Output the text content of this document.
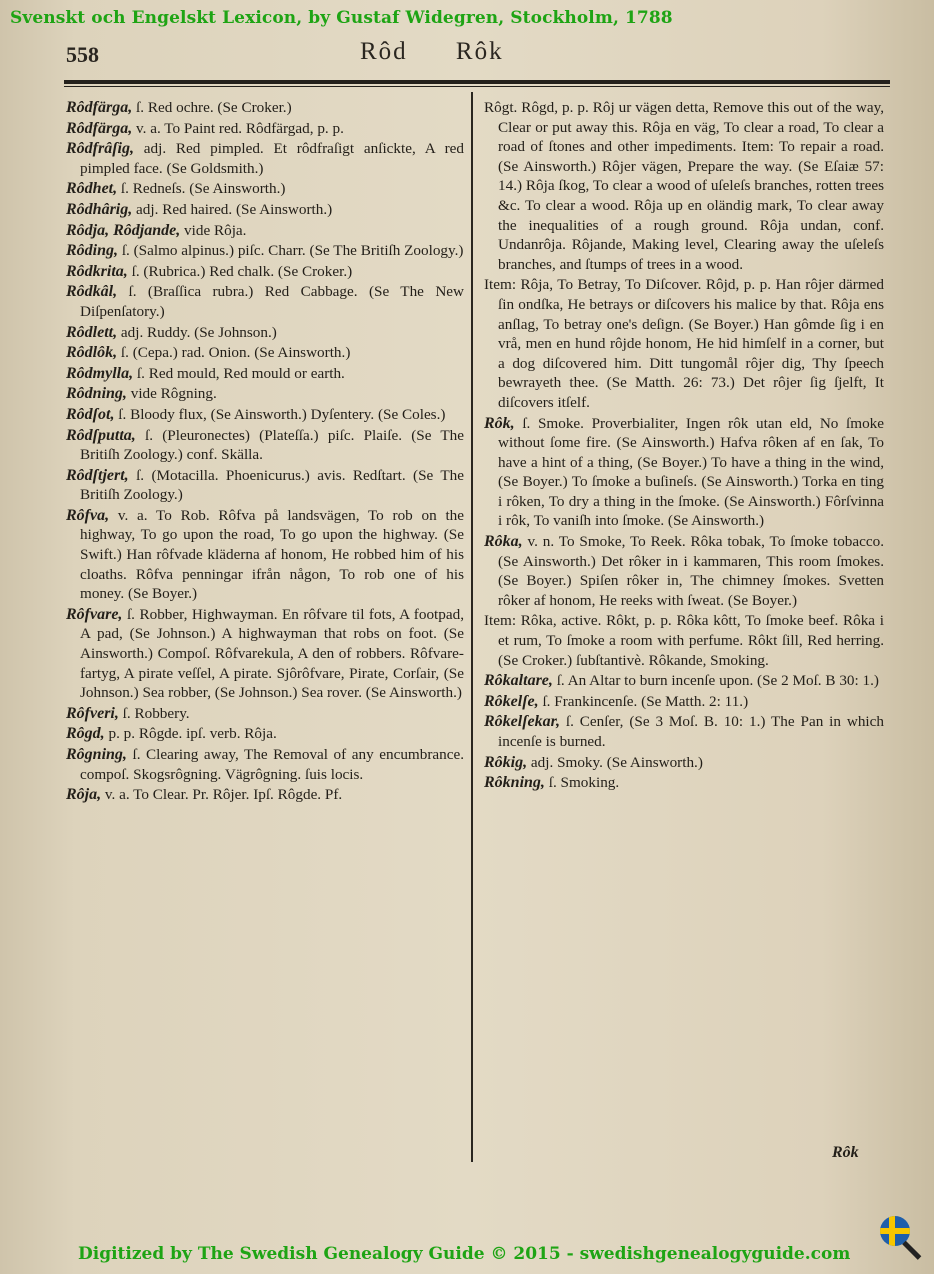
Svenskt och Engelskt Lexicon, by Gustaf Widegren, Stockholm, 1788
558	Rôd Rôk
Rôdfärga, ſ. Red ochre. (Se Croker.)
Rôdfärga, v. a. To Paint red. Rôdfärgad, p. p.
Rôdfrâſig, adj. Red pimpled. Et rôdfraſigt anſickte, A red pimpled face. (Se Goldsmith.)
Rôdhet, ſ. Redneſs. (Se Ainsworth.)
Rôdhârig, adj. Red haired. (Se Ainsworth.)
Rôdja, Rôdjande, vide Rôja.
Rôding, ſ. (Salmo alpinus.) piſc. Charr. (Se The Britiſh Zoology.)
Rôdkrita, ſ. (Rubrica.) Red chalk. (Se Croker.)
Rôdkâl, ſ. (Braſſica rubra.) Red Cabbage. (Se The New Diſpenſatory.)
Rôdlett, adj. Ruddy. (Se Johnson.)
Rôdlôk, ſ. (Cepa.) rad. Onion. (Se Ainsworth.)
Rôdmylla, ſ. Red mould, Red mould or earth.
Rôdning, vide Rôgning.
Rôdſot, ſ. Bloody flux, (Se Ainsworth.) Dyſentery. (Se Coles.)
Rôdſputta, ſ. (Pleuronectes) (Plateſſa.) piſc. Plaiſe. (Se The Britiſh Zoology.) conf. Skälla.
Rôdſtjert, ſ. (Motacilla. Phoenicurus.) avis. Redſtart. (Se The Britiſh Zoology.)
Rôfva, v. a. To Rob. Rôfva på landsvägen, To rob on the highway, To go upon the road, To go upon the highway. (Se Swift.) Han rôfvade kläderna af honom, He robbed him of his cloaths. Rôfva penningar ifrån någon, To rob one of his money. (Se Boyer.)
Rôfvare, ſ. Robber, Highwayman. En rôfvare til fots, A footpad, A pad, (Se Johnson.) A highwayman that robs on foot. (Se Ainsworth.) Compoſ. Rôfvarekula, A den of robbers. Rôfvare-fartyg, A pirate veſſel, A pirate. Sjôrôfvare, Pirate, Corſair, (Se Johnson.) Sea robber, (Se Johnson.) Sea rover. (Se Ainsworth.)
Rôfveri, ſ. Robbery.
Rôgd, p. p. Rôgde. ipſ. verb. Rôja.
Rôgning, ſ. Clearing away, The Removal of any encumbrance. compoſ. Skogsrôgning. Vägrôgning. ſuis locis.
Rôja, v. a. To Clear. Pr. Rôjer. Ipſ. Rôgde. Pf.
Rôgt. Rôgd, p. p. Rôj ur vägen detta, Remove this out of the way, Clear or put away this. Rôja en väg, To clear a road, To clear a road of ſtones and other impediments. Item: To repair a road. (Se Ainsworth.) Rôjer vägen, Prepare the way. (Se Eſaiæ 57: 14.) Rôja ſkog, To clear a wood of uſeleſs branches, rotten trees &c. To clear a wood. Rôja up en oländig mark, To clear away the inequalities of a rough ground. Rôja undan, conf. Undanrôja. Rôjande, Making level, Clearing away the uſeleſs branches, and ſtumps of trees in a wood.
Item: Rôja, To Betray, To Diſcover. Rôjd, p. p. Han rôjer därmed ſin ondſka, He betrays or diſcovers his malice by that. Rôja ens anſlag, To betray one's deſign. (Se Boyer.) Han gômde ſig i en vrå, men en hund rôjde honom, He hid himſelf in a corner, but a dog diſcovered him. Ditt tungomål rôjer dig, Thy ſpeech bewrayeth thee. (Se Matth. 26: 73.) Det rôjer ſig ſjelft, It diſcovers itſelf.
Rôk, ſ. Smoke. Proverbialiter, Ingen rôk utan eld, No ſmoke without ſome fire. (Se Ainsworth.) Hafva rôken af en ſak, To have a hint of a thing, (Se Boyer.) To have a thing in the wind, (Se Boyer.) To ſmoke a buſineſs. (Se Ainsworth.) Torka en ting i rôken, To dry a thing in the ſmoke. (Se Ainsworth.) Fôrſvinna i rôk, To vaniſh into ſmoke. (Se Ainsworth.)
Rôka, v. n. To Smoke, To Reek. Rôka tobak, To ſmoke tobacco. (Se Ainsworth.) Det rôker in i kammaren, This room ſmokes. (Se Boyer.) Spiſen rôker in, The chimney ſmokes. Svetten rôker af honom, He reeks with ſweat. (Se Boyer.)
Item: Rôka, active. Rôkt, p. p. Rôka kôtt, To ſmoke beef. Rôka i et rum, To ſmoke a room with perfume. Rôkt ſill, Red herring. (Se Croker.) ſubſtantivè. Rôkande, Smoking.
Rôkaltare, ſ. An Altar to burn incenſe upon. (Se 2 Moſ. B 30: 1.)
Rôkelſe, ſ. Frankincenſe. (Se Matth. 2: 11.)
Rôkelſekar, ſ. Cenſer, (Se 3 Moſ. B. 10: 1.) The Pan in which incenſe is burned.
Rôkig, adj. Smoky. (Se Ainsworth.)
Rôkning, ſ. Smoking.
Rôk
Digitized by The Swedish Genealogy Guide © 2015 - swedishgenealogyguide.com
